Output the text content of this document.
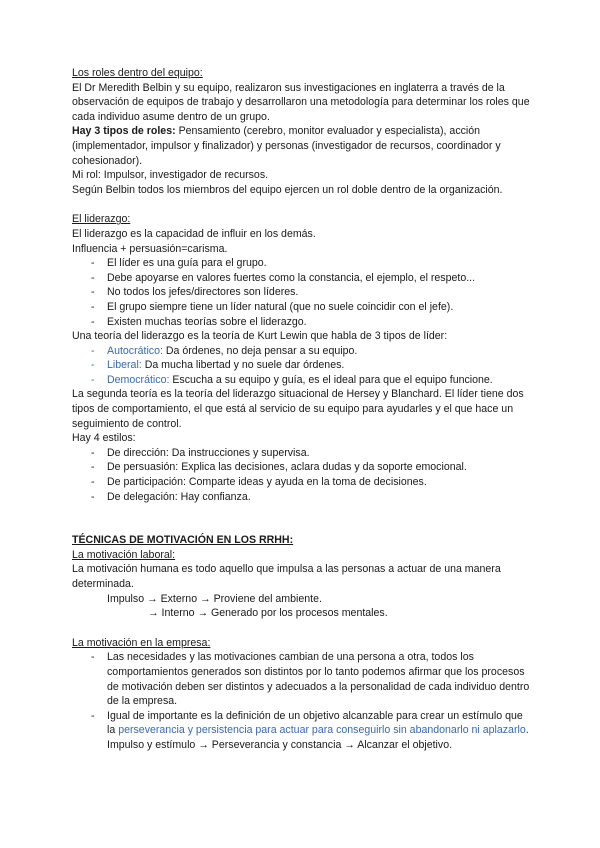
Los roles dentro del equipo:

El Dr Meredith Belbin y su equipo, realizaron sus investigaciones en inglaterra a través de la observación de equipos de trabajo y desarrollaron una metodología para determinar los roles que cada individuo asume dentro de un grupo.

Hay 3 tipos de roles: Pensamiento (cerebro, monitor evaluador y especialista), acción (implementador, impulsor y finalizador) y personas (investigador de recursos, coordinador y cohesionador).

Mi rol: Impulsor, investigador de recursos.

Según Belbin todos los miembros del equipo ejercen un rol doble dentro de la organización.

El liderazgo:

El liderazgo es la capacidad de influir en los demás.

Influencia + persuasión=carisma.

- El líder es una guía para el grupo.
- Debe apoyarse en valores fuertes como la constancia, el ejemplo, el respeto...
- No todos los jefes/directores son líderes.
- El grupo siempre tiene un líder natural (que no suele coincidir con el jefe).
- Existen muchas teorías sobre el liderazgo.

Una teoría del liderazgo es la teoría de Kurt Lewin que habla de 3 tipos de líder:

- Autocrático: Da órdenes, no deja pensar a su equipo.
- Liberal: Da mucha libertad y no suele dar órdenes.
- Democrático: Escucha a su equipo y guía, es el ideal para que el equipo funcione.

La segunda teoría es la teoría del liderazgo situacional de Hersey y Blanchard. El líder tiene dos tipos de comportamiento, el que está al servicio de su equipo para ayudarles y el que hace un seguimiento de control.

Hay 4 estilos:

- De dirección: Da instrucciones y supervisa.
- De persuasión: Explica las decisiones, aclara dudas y da soporte emocional.
- De participación: Comparte ideas y ayuda en la toma de decisiones.
- De delegación: Hay confianza.

TÉCNICAS DE MOTIVACIÓN EN LOS RRHH:

La motivación laboral:

La motivación humana es todo aquello que impulsa a las personas a actuar de una manera determinada.

Impulso → Externo → Proviene del ambiente.

→ Interno → Generado por los procesos mentales.

La motivación en la empresa:

- Las necesidades y las motivaciones cambian de una persona a otra, todos los comportamientos generados son distintos por lo tanto podemos afirmar que los procesos de motivación deben ser distintos y adecuados a la personalidad de cada individuo dentro de la empresa.
- Igual de importante es la definición de un objetivo alcanzable para crear un estímulo que la perseverancia y persistencia para actuar para conseguirlo sin abandonarlo ni aplazarlo.

Impulso y estímulo → Perseverancia y constancia → Alcanzar el objetivo.
